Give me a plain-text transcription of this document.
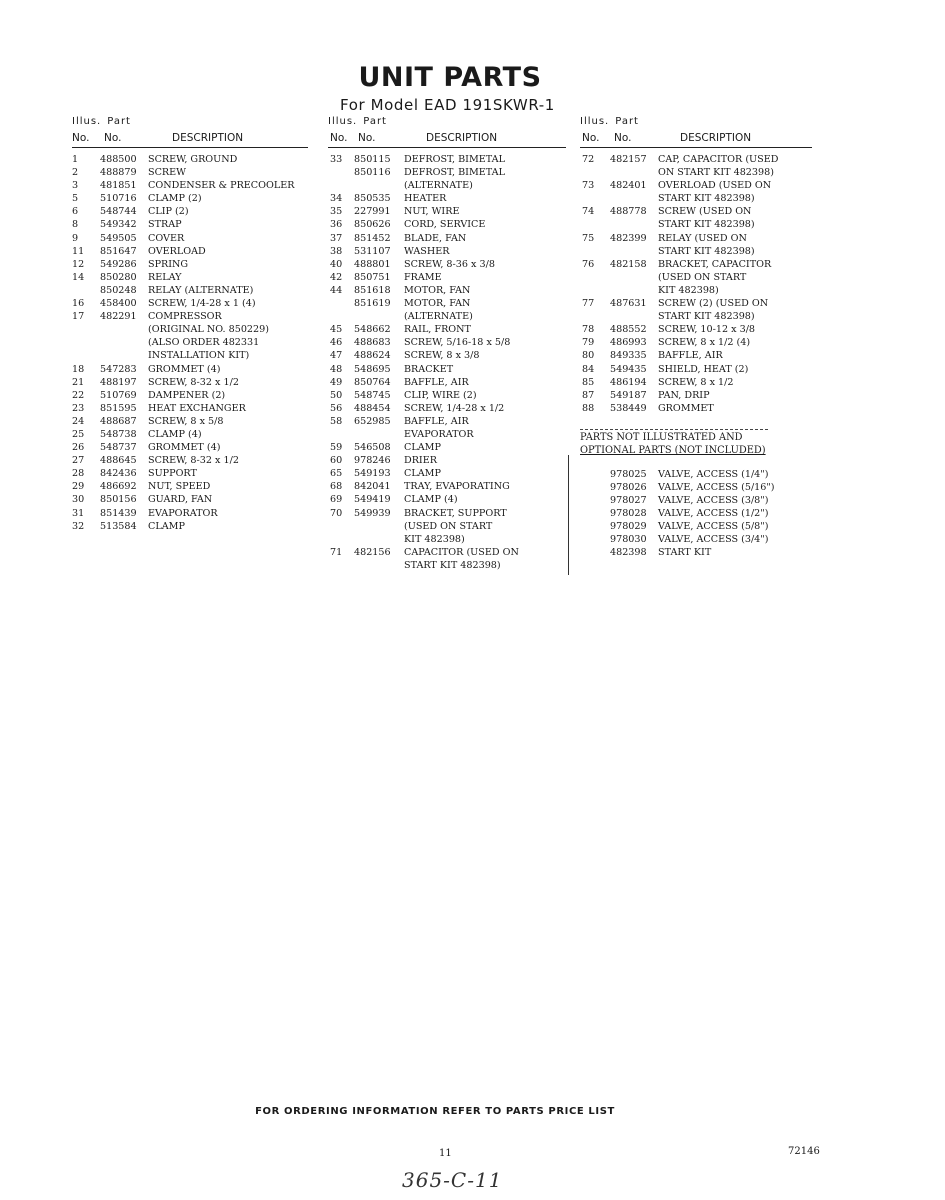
UNIT PARTS
For Model EAD 191SKWR-1
Illus. Part
No. No.	DESCRIPTION
1 488500 SCREW, GROUND
2 488879 SCREW
3 481851 CONDENSER & PRECOOLER
5 510716 CLAMP (2)
6 548744 CLIP (2)
8 549342 STRAP
9 549505 COVER
11 851647 OVERLOAD
12 549286 SPRING
14 850280 RELAY
850248 RELAY (ALTERNATE)
16 458400 SCREW, 1/4-28 x 1 (4)
17 482291 COMPRESSOR
(ORIGINAL NO. 850229)
(ALSO ORDER 482331
INSTALLATION KIT)
18 547283 GROMMET (4)
21 488197 SCREW, 8-32 x 1/2
22 510769 DAMPENER (2)
23 851595 HEAT EXCHANGER
24 488687 SCREW, 8 x 5/8
25 548738 CLAMP (4)
26 548737 GROMMET (4)
27 488645 SCREW, 8-32 x 1/2
28 842436 SUPPORT
29 486692 NUT, SPEED
30 850156 GUARD, FAN
31 851439 EVAPORATOR
32 513584 CLAMP
Illus. Part
No. No.	DESCRIPTION
33 850115 DEFROST, BIMETAL
850116 DEFROST, BIMETAL
(ALTERNATE)
34 850535 HEATER
35 227991 NUT, WIRE
36 850626 CORD, SERVICE
37 851452 BLADE, FAN
38 531107 WASHER
40 488801 SCREW, 8-36 x 3/8
42 850751 FRAME
44 851618 MOTOR, FAN
851619 MOTOR, FAN
(ALTERNATE)
45 548662 RAIL, FRONT
46 488683 SCREW, 5/16-18 x 5/8
47 488624 SCREW, 8 x 3/8
48 548695 BRACKET
49 850764 BAFFLE, AIR
50 548745 CLIP, WIRE (2)
56 488454 SCREW, 1/4-28 x 1/2
58 652985 BAFFLE, AIR
EVAPORATOR
59 546508 CLAMP
60 978246 DRIER
65 549193 CLAMP
68 842041 TRAY, EVAPORATING
69 549419 CLAMP (4)
70 549939 BRACKET, SUPPORT
(USED ON START
KIT 482398)
71 482156 CAPACITOR (USED ON
START KIT 482398)
Illus. Part
No. No.	DESCRIPTION
72 482157 CAP, CAPACITOR (USED
ON START KIT 482398)
73 482401 OVERLOAD (USED ON
START KIT 482398)
74 488778 SCREW (USED ON
START KIT 482398)
75 482399 RELAY (USED ON
START KIT 482398)
76 482158 BRACKET, CAPACITOR
(USED ON START
KIT 482398)
77 487631 SCREW (2) (USED ON
START KIT 482398)
78 488552 SCREW, 10-12 x 3/8
79 486993 SCREW, 8 x 1/2 (4)
80 849335 BAFFLE, AIR
84 549435 SHIELD, HEAT (2)
85 486194 SCREW, 8 x 1/2
87 549187 PAN, DRIP
88 538449 GROMMET
PARTS NOT ILLUSTRATED AND
OPTIONAL PARTS (NOT INCLUDED)
978025 VALVE, ACCESS (1/4")
978026 VALVE, ACCESS (5/16")
978027 VALVE, ACCESS (3/8")
978028 VALVE, ACCESS (1/2")
978029 VALVE, ACCESS (5/8")
978030 VALVE, ACCESS (3/4")
482398 START KIT
FOR ORDERING INFORMATION REFER TO PARTS PRICE LIST
11	72146
365-C-11
